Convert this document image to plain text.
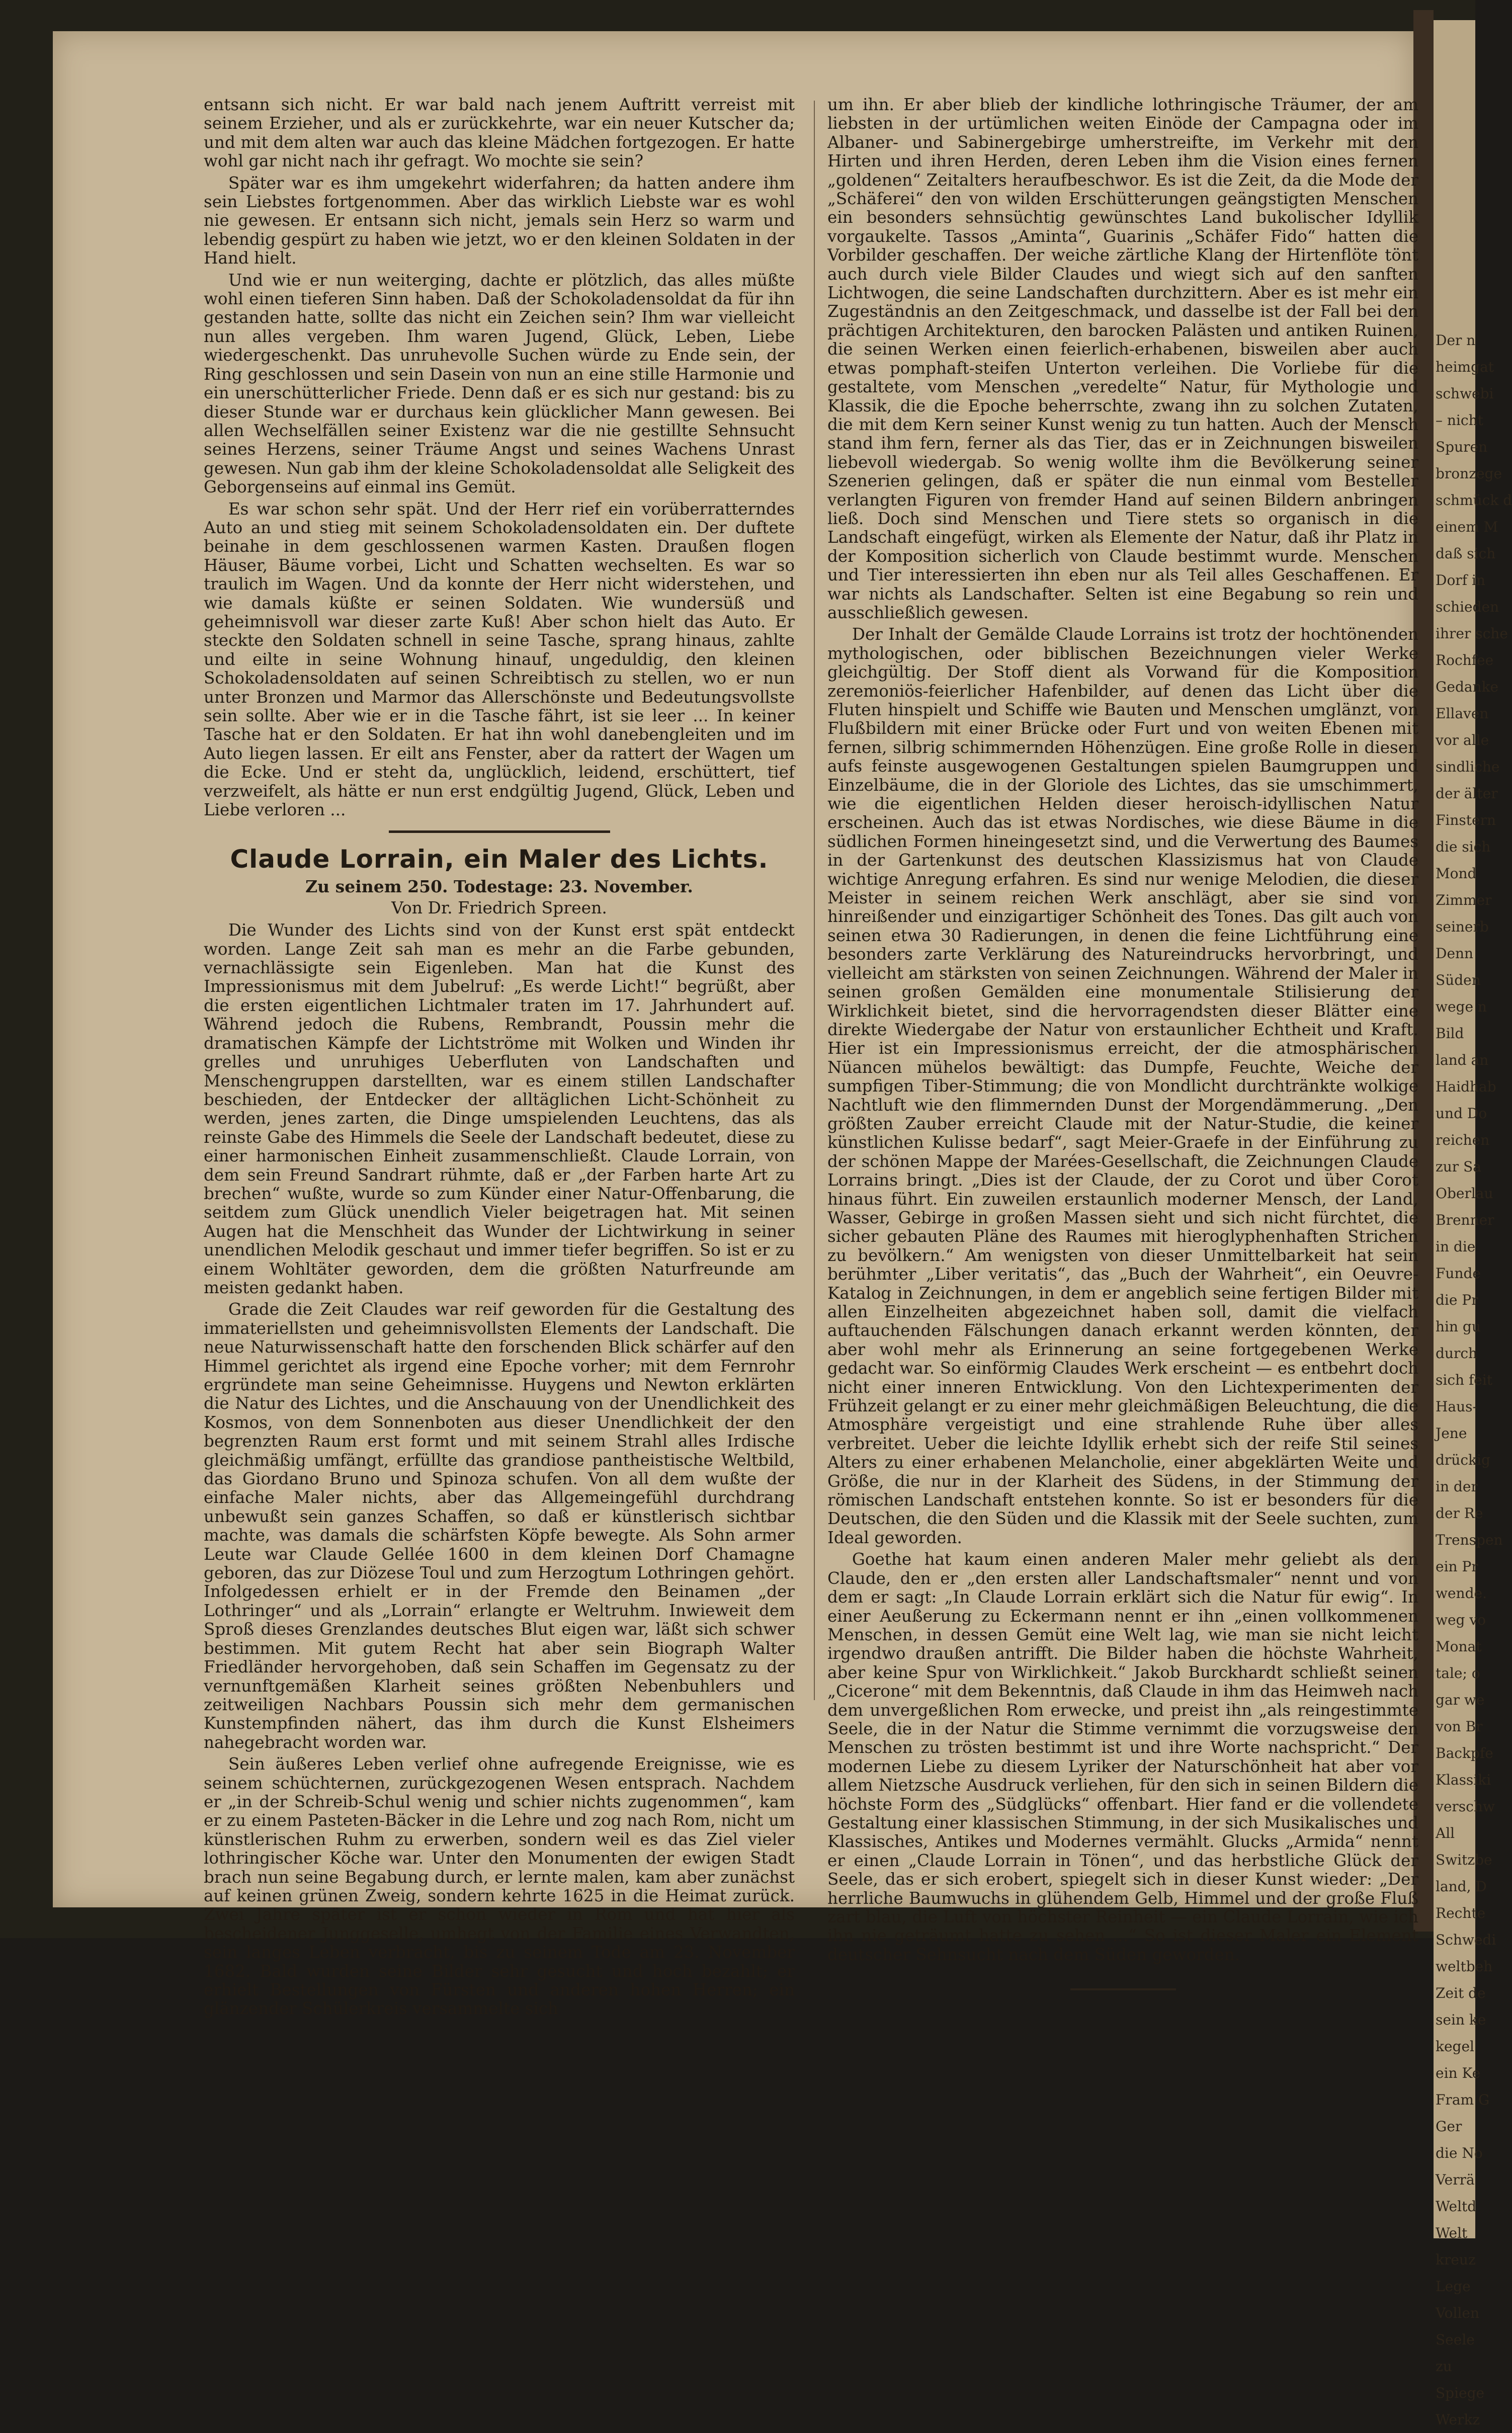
Der n
heimgat
schwebi
– nicht
Spuren
bronzege
schmück d
einem M
daß sich
Dorf in
schieden
ihrer sche
Rochfee
Gedanke
Ellaven
vor alle
sindliche
der älter
Finstern
die sich
Mond
Zimmer
seinerb
Denn
Süden
wege n
Bild
land an
Haidhab
und Do
reichen
zur Sa
Oberlau
Brenner
in die
Funde
die Pr
hin gu
durch
sich feit
Haus-
Jene
drückig
in der
der Re
Trenspen
ein Pr
wende.
weg vo
Monat
tale; o
gar we
von Br
Backpfe
Klassiki
verschw
All
Switzbe
land, D
Rechte
Schwedi
weltbeh
Zeit de
sein ke
kegel
ein Ke
Fram G
Ger
die No
Verrä
Weltd
Welt
kreuz
Lege
Vollen
Seele
zu
Spiege
Werkz

entsann sich nicht. Er war bald nach jenem Auftritt verreist mit seinem Erzieher, und als er zurückkehrte, war ein neuer Kutscher da; und mit dem alten war auch das kleine Mädchen fortgezogen. Er hatte wohl gar nicht nach ihr gefragt. Wo mochte sie sein?

Später war es ihm umgekehrt widerfahren; da hatten andere ihm sein Liebstes fortgenommen. Aber das wirklich Liebste war es wohl nie gewesen. Er entsann sich nicht, jemals sein Herz so warm und lebendig gespürt zu haben wie jetzt, wo er den kleinen Soldaten in der Hand hielt.

Und wie er nun weiterging, dachte er plötzlich, das alles müßte wohl einen tieferen Sinn haben. Daß der Schokoladensoldat da für ihn gestanden hatte, sollte das nicht ein Zeichen sein? Ihm war vielleicht nun alles vergeben. Ihm waren Jugend, Glück, Leben, Liebe wiedergeschenkt. Das unruhevolle Suchen würde zu Ende sein, der Ring geschlossen und sein Dasein von nun an eine stille Harmonie und ein unerschütterlicher Friede. Denn daß er es sich nur gestand: bis zu dieser Stunde war er durchaus kein glücklicher Mann gewesen. Bei allen Wechselfällen seiner Existenz war die nie gestillte Sehnsucht seines Herzens, seiner Träume Angst und seines Wachens Unrast gewesen. Nun gab ihm der kleine Schokoladensoldat alle Seligkeit des Geborgenseins auf einmal ins Gemüt.

Es war schon sehr spät. Und der Herr rief ein vorüberratterndes Auto an und stieg mit seinem Schokoladensoldaten ein. Der duftete beinahe in dem geschlossenen warmen Kasten. Draußen flogen Häuser, Bäume vorbei, Licht und Schatten wechselten. Es war so traulich im Wagen. Und da konnte der Herr nicht widerstehen, und wie damals küßte er seinen Soldaten. Wie wundersüß und geheimnisvoll war dieser zarte Kuß! Aber schon hielt das Auto. Er steckte den Soldaten schnell in seine Tasche, sprang hinaus, zahlte und eilte in seine Wohnung hinauf, ungeduldig, den kleinen Schokoladensoldaten auf seinen Schreibtisch zu stellen, wo er nun unter Bronzen und Marmor das Allerschönste und Bedeutungsvollste sein sollte. Aber wie er in die Tasche fährt, ist sie leer ... In keiner Tasche hat er den Soldaten. Er hat ihn wohl danebengleiten und im Auto liegen lassen. Er eilt ans Fenster, aber da rattert der Wagen um die Ecke. Und er steht da, unglücklich, leidend, erschüttert, tief verzweifelt, als hätte er nun erst endgültig Jugend, Glück, Leben und Liebe verloren ...

Claude Lorrain, ein Maler des Lichts.
Zu seinem 250. Todestage: 23. November.
Von Dr. Friedrich Spreen.

Die Wunder des Lichts sind von der Kunst erst spät entdeckt worden. Lange Zeit sah man es mehr an die Farbe gebunden, vernachlässigte sein Eigenleben. Man hat die Kunst des Impressionismus mit dem Jubelruf: „Es werde Licht!“ begrüßt, aber die ersten eigentlichen Lichtmaler traten im 17. Jahrhundert auf. Während jedoch die Rubens, Rembrandt, Poussin mehr die dramatischen Kämpfe der Lichtströme mit Wolken und Winden ihr grelles und unruhiges Ueberfluten von Landschaften und Menschengruppen darstellten, war es einem stillen Landschafter beschieden, der Entdecker der alltäglichen Licht-Schönheit zu werden, jenes zarten, die Dinge umspielenden Leuchtens, das als reinste Gabe des Himmels die Seele der Landschaft bedeutet, diese zu einer harmonischen Einheit zusammenschließt. Claude Lorrain, von dem sein Freund Sandrart rühmte, daß er „der Farben harte Art zu brechen“ wußte, wurde so zum Künder einer Natur-Offenbarung, die seitdem zum Glück unendlich Vieler beigetragen hat. Mit seinen Augen hat die Menschheit das Wunder der Lichtwirkung in seiner unendlichen Melodik geschaut und immer tiefer begriffen. So ist er zu einem Wohltäter geworden, dem die größten Naturfreunde am meisten gedankt haben.

Grade die Zeit Claudes war reif geworden für die Gestaltung des immateriellsten und geheimnisvollsten Elements der Landschaft. Die neue Naturwissenschaft hatte den forschenden Blick schärfer auf den Himmel gerichtet als irgend eine Epoche vorher; mit dem Fernrohr ergründete man seine Geheimnisse. Huygens und Newton erklärten die Natur des Lichtes, und die Anschauung von der Unendlichkeit des Kosmos, von dem Sonnenboten aus dieser Unendlichkeit der den begrenzten Raum erst formt und mit seinem Strahl alles Irdische gleichmäßig umfängt, erfüllte das grandiose pantheistische Weltbild, das Giordano Bruno und Spinoza schufen. Von all dem wußte der einfache Maler nichts, aber das Allgemeingefühl durchdrang unbewußt sein ganzes Schaffen, so daß er künstlerisch sichtbar machte, was damals die schärfsten Köpfe bewegte. Als Sohn armer Leute war Claude Gellée 1600 in dem kleinen Dorf Chamagne geboren, das zur Diözese Toul und zum Herzogtum Lothringen gehört. Infolgedessen erhielt er in der Fremde den Beinamen „der Lothringer“ und als „Lorrain“ erlangte er Weltruhm. Inwieweit dem Sproß dieses Grenzlandes deutsches Blut eigen war, läßt sich schwer bestimmen. Mit gutem Recht hat aber sein Biograph Walter Friedländer hervorgehoben, daß sein Schaffen im Gegensatz zu der vernunftgemäßen Klarheit seines größten Nebenbuhlers und zeitweiligen Nachbars Poussin sich mehr dem germanischen Kunstempfinden nähert, das ihm durch die Kunst Elsheimers nahegebracht worden war.

Sein äußeres Leben verlief ohne aufregende Ereignisse, wie es seinem schüchternen, zurückgezogenen Wesen entsprach. Nachdem er „in der Schreib-Schul wenig und schier nichts zugenommen“, kam er zu einem Pasteten-Bäcker in die Lehre und zog nach Rom, nicht um künstlerischen Ruhm zu erwerben, sondern weil es das Ziel vieler lothringischer Köche war. Unter den Monumenten der ewigen Stadt brach nun seine Begabung durch, er lernte malen, kam aber zunächst auf keinen grünen Zweig, sondern kehrte 1625 in die Heimat zurück. Zwei Jahre später ist er schon wieder in Rom und hat hier als bescheidener Junggeselle, umhegt von der Familie eines Verwandten, sein langes Leben verbracht, bis zu seinem Tode am 23. November 1682. Bald wurden seine Bilder sehr gesucht und hoch bezahlt; er erhielt Bestellungen von Fürsten und anderen hohen Herren; ein glänzender Schülerkreis versammelte sich

um ihn. Er aber blieb der kindliche lothringische Träumer, der am liebsten in der urtümlichen weiten Einöde der Campagna oder im Albaner- und Sabinergebirge umherstreifte, im Verkehr mit den Hirten und ihren Herden, deren Leben ihm die Vision eines fernen „goldenen“ Zeitalters heraufbeschwor. Es ist die Zeit, da die Mode der „Schäferei“ den von wilden Erschütterungen geängstigten Menschen ein besonders sehnsüchtig gewünschtes Land bukolischer Idyllik vorgaukelte. Tassos „Aminta“, Guarinis „Schäfer Fido“ hatten die Vorbilder geschaffen. Der weiche zärtliche Klang der Hirtenflöte tönt auch durch viele Bilder Claudes und wiegt sich auf den sanften Lichtwogen, die seine Landschaften durchzittern. Aber es ist mehr ein Zugeständnis an den Zeitgeschmack, und dasselbe ist der Fall bei den prächtigen Architekturen, den barocken Palästen und antiken Ruinen, die seinen Werken einen feierlich-erhabenen, bisweilen aber auch etwas pomphaft-steifen Unterton verleihen. Die Vorliebe für die gestaltete, vom Menschen „veredelte“ Natur, für Mythologie und Klassik, die die Epoche beherrschte, zwang ihn zu solchen Zutaten, die mit dem Kern seiner Kunst wenig zu tun hatten. Auch der Mensch stand ihm fern, ferner als das Tier, das er in Zeichnungen bisweilen liebevoll wiedergab. So wenig wollte ihm die Bevölkerung seiner Szenerien gelingen, daß er später die nun einmal vom Besteller verlangten Figuren von fremder Hand auf seinen Bildern anbringen ließ. Doch sind Menschen und Tiere stets so organisch in die Landschaft eingefügt, wirken als Elemente der Natur, daß ihr Platz in der Komposition sicherlich von Claude bestimmt wurde. Menschen und Tier interessierten ihn eben nur als Teil alles Geschaffenen. Er war nichts als Landschafter. Selten ist eine Begabung so rein und ausschließlich gewesen.

Der Inhalt der Gemälde Claude Lorrains ist trotz der hochtönenden mythologischen, oder biblischen Bezeichnungen vieler Werke gleichgültig. Der Stoff dient als Vorwand für die Komposition zeremoniös-feierlicher Hafenbilder, auf denen das Licht über die Fluten hinspielt und Schiffe wie Bauten und Menschen umglänzt, von Flußbildern mit einer Brücke oder Furt und von weiten Ebenen mit fernen, silbrig schimmernden Höhenzügen. Eine große Rolle in diesen aufs feinste ausgewogenen Gestaltungen spielen Baumgruppen und Einzelbäume, die in der Gloriole des Lichtes, das sie umschimmert, wie die eigentlichen Helden dieser heroisch-idyllischen Natur erscheinen. Auch das ist etwas Nordisches, wie diese Bäume in die südlichen Formen hineingesetzt sind, und die Verwertung des Baumes in der Gartenkunst des deutschen Klassizismus hat von Claude wichtige Anregung erfahren. Es sind nur wenige Melodien, die dieser Meister in seinem reichen Werk anschlägt, aber sie sind von hinreißender und einzigartiger Schönheit des Tones. Das gilt auch von seinen etwa 30 Radierungen, in denen die feine Lichtführung eine besonders zarte Verklärung des Natureindrucks hervorbringt, und vielleicht am stärksten von seinen Zeichnungen. Während der Maler in seinen großen Gemälden eine monumentale Stilisierung der Wirklichkeit bietet, sind die hervorragendsten dieser Blätter eine direkte Wiedergabe der Natur von erstaunlicher Echtheit und Kraft. Hier ist ein Impressionismus erreicht, der die atmosphärischen Nüancen mühelos bewältigt: das Dumpfe, Feuchte, Weiche der sumpfigen Tiber-Stimmung; die von Mondlicht durchtränkte wolkige Nachtluft wie den flimmernden Dunst der Morgendämmerung. „Den größten Zauber erreicht Claude mit der Natur-Studie, die keiner künstlichen Kulisse bedarf“, sagt Meier-Graefe in der Einführung zu der schönen Mappe der Marées-Gesellschaft, die Zeichnungen Claude Lorrains bringt. „Dies ist der Claude, der zu Corot und über Corot hinaus führt. Ein zuweilen erstaunlich moderner Mensch, der Land, Wasser, Gebirge in großen Massen sieht und sich nicht fürchtet, die sicher gebauten Pläne des Raumes mit hieroglyphenhaften Strichen zu bevölkern.“ Am wenigsten von dieser Unmittelbarkeit hat sein berühmter „Liber veritatis“, das „Buch der Wahrheit“, ein Oeuvre-Katalog in Zeichnungen, in dem er angeblich seine fertigen Bilder mit allen Einzelheiten abgezeichnet haben soll, damit die vielfach auftauchenden Fälschungen danach erkannt werden könnten, der aber wohl mehr als Erinnerung an seine fortgegebenen Werke gedacht war. So einförmig Claudes Werk erscheint — es entbehrt doch nicht einer inneren Entwicklung. Von den Lichtexperimenten der Frühzeit gelangt er zu einer mehr gleichmäßigen Beleuchtung, die die Atmosphäre vergeistigt und eine strahlende Ruhe über alles verbreitet. Ueber die leichte Idyllik erhebt sich der reife Stil seines Alters zu einer erhabenen Melancholie, einer abgeklärten Weite und Größe, die nur in der Klarheit des Südens, in der Stimmung der römischen Landschaft entstehen konnte. So ist er besonders für die Deutschen, die den Süden und die Klassik mit der Seele suchten, zum Ideal geworden.

Goethe hat kaum einen anderen Maler mehr geliebt als den Claude, den er „den ersten aller Landschaftsmaler“ nennt und von dem er sagt: „In Claude Lorrain erklärt sich die Natur für ewig“. In einer Aeußerung zu Eckermann nennt er ihn „einen vollkommenen Menschen, in dessen Gemüt eine Welt lag, wie man sie nicht leicht irgendwo draußen antrifft. Die Bilder haben die höchste Wahrheit, aber keine Spur von Wirklichkeit.“ Jakob Burckhardt schließt seinen „Cicerone“ mit dem Bekenntnis, daß Claude in ihm das Heimweh nach dem unvergeßlichen Rom erwecke, und preist ihn „als reingestimmte Seele, die in der Natur die Stimme vernimmt die vorzugsweise den Menschen zu trösten bestimmt ist und ihre Worte nachspricht.“ Der modernen Liebe zu diesem Lyriker der Naturschönheit hat aber vor allem Nietzsche Ausdruck verliehen, für den sich in seinen Bildern die höchste Form des „Südglücks“ offenbart. Hier fand er die vollendete Gestaltung einer klassischen Stimmung, in der sich Musikalisches und Klassisches, Antikes und Modernes vermählt. Glucks „Armida“ nennt er einen „Claude Lorrain in Tönen“, und das herbstliche Glück der Seele, das er sich erobert, spiegelt sich in dieser Kunst wieder: „Der herrliche Baumwuchs in glühendem Gelb, Himmel und der große Fluß zart blau, die Luft von höchster Reinheit — ein Claude Lorrain, wie ich ihn nie geträumt hatte zu sehen ...“ So ist dieser Maler ein Element deutscher Sehnsucht nach dem Süden geworden.
